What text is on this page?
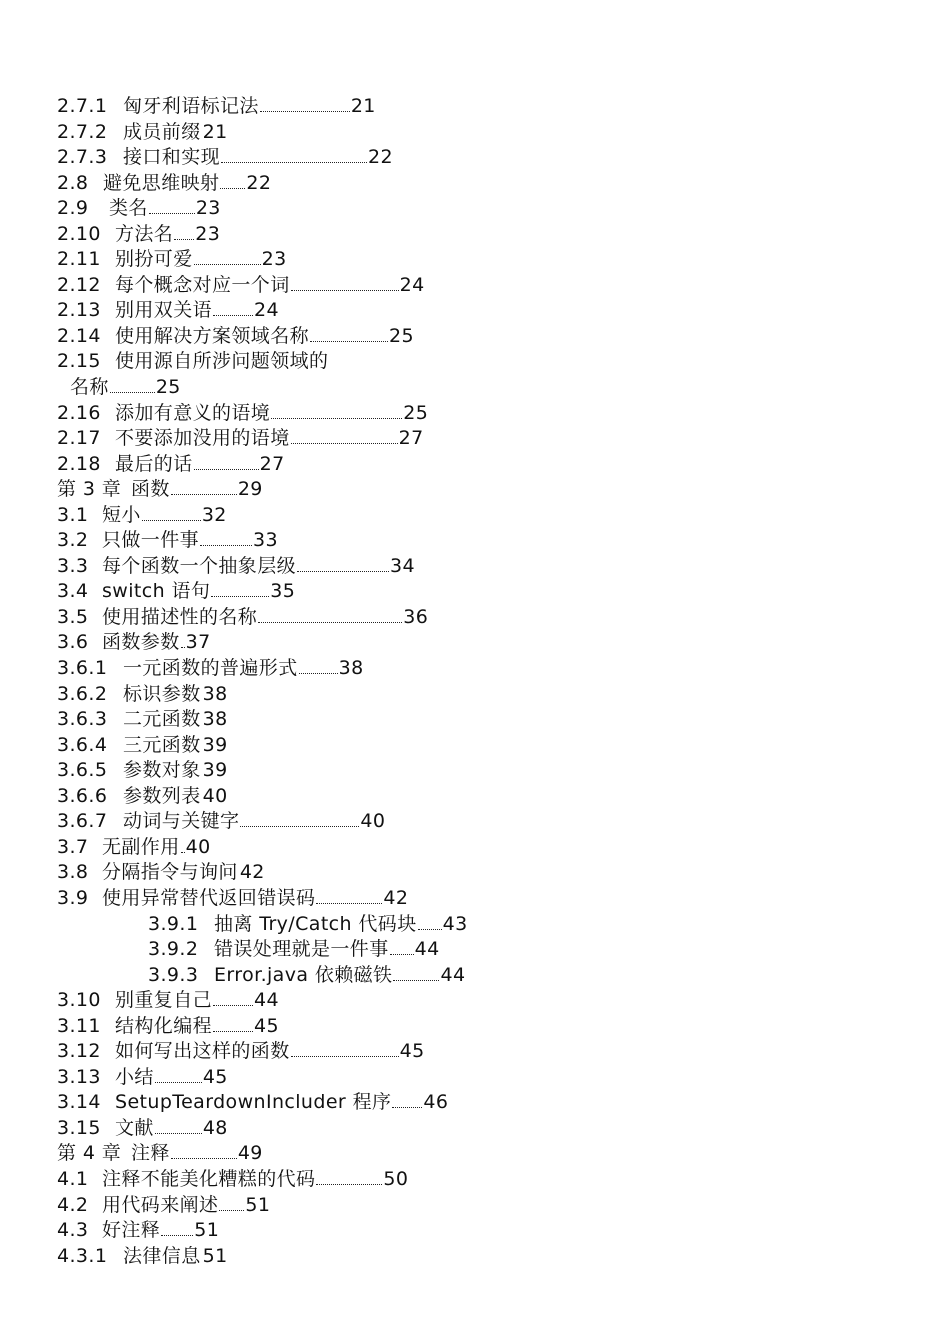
2.7.1 匈牙利语标记法	21
2.7.2 成员前缀 21
2.7.3 接口和实现	22
2.8 避免思维映射 22
2.9 类名	23
2.10 方法名 23
2.11 别扮可爱	23
2.12 每个概念对应一个词	24
2.13 别用双关语 24
2.14 使用解决方案领域名称	25
2.15 使用源自所涉问题领域的
名称 25
2.16 添加有意义的语境	25
2.17 不要添加没用的语境	27
2.18 最后的话	27
第 3 章 函数	29
3.1 短小	32
3.2 只做一件事	33
3.3 每个函数一个抽象层级	34
3.4 switch 语句	35
3.5 使用描述性的名称	36
3.6 函数参数 37
3.6.1 一元函数的普遍形式 38
3.6.2 标识参数 38
3.6.3 二元函数 38
3.6.4 三元函数 39
3.6.5 参数对象 39
3.6.6 参数列表 40
3.6.7 动词与关键字	40
3.7 无副作用 40
3.8 分隔指令与询问 42
3.9 使用异常替代返回错误码	42
3.9.1 抽离 Try/Catch 代码块 43
3.9.2 错误处理就是一件事 44
3.9.3 Error.java 依赖磁铁	44
3.10 别重复自己 44
3.11 结构化编程 45
3.12 如何写出这样的函数	45
3.13 小结	45
3.14 SetupTeardownIncluder 程序 46
3.15 文献	48
第 4 章 注释	49
4.1 注释不能美化糟糕的代码	50
4.2 用代码来阐述 51
4.3 好注释 51
4.3.1 法律信息 51
